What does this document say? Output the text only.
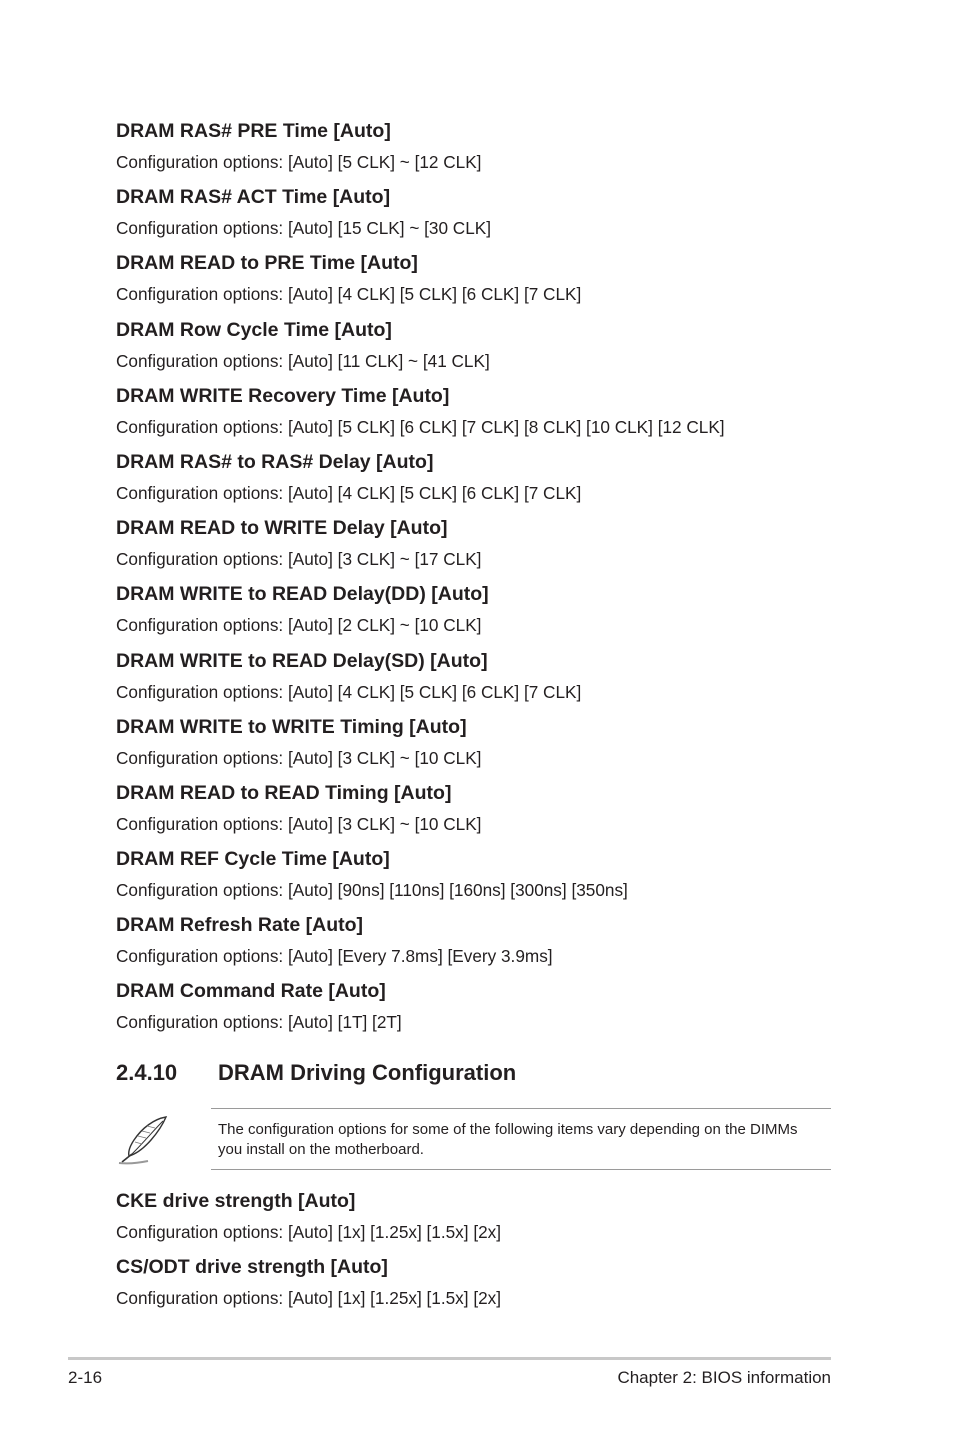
DRAM RAS# PRE Time [Auto]
Configuration options: [Auto] [5 CLK] ~ [12 CLK]
DRAM RAS# ACT Time [Auto]
Configuration options: [Auto] [15 CLK] ~ [30 CLK]
DRAM READ to PRE Time [Auto]
Configuration options: [Auto] [4 CLK] [5 CLK] [6 CLK] [7 CLK]
DRAM Row Cycle Time [Auto]
Configuration options: [Auto] [11 CLK] ~ [41 CLK]
DRAM WRITE Recovery Time [Auto]
Configuration options: [Auto] [5 CLK] [6 CLK] [7 CLK] [8 CLK] [10 CLK] [12 CLK]
DRAM RAS# to RAS# Delay [Auto]
Configuration options: [Auto] [4 CLK] [5 CLK] [6 CLK] [7 CLK]
DRAM READ to WRITE Delay [Auto]
Configuration options: [Auto] [3 CLK] ~ [17 CLK]
DRAM WRITE to READ Delay(DD) [Auto]
Configuration options: [Auto] [2 CLK] ~ [10 CLK]
DRAM WRITE to READ Delay(SD) [Auto]
Configuration options: [Auto] [4 CLK] [5 CLK] [6 CLK] [7 CLK]
DRAM WRITE to WRITE Timing [Auto]
Configuration options: [Auto] [3 CLK] ~ [10 CLK]
DRAM READ to READ Timing [Auto]
Configuration options: [Auto] [3 CLK] ~ [10 CLK]
DRAM REF Cycle Time [Auto]
Configuration options: [Auto] [90ns] [110ns] [160ns] [300ns] [350ns]
DRAM Refresh Rate [Auto]
Configuration options: [Auto] [Every 7.8ms] [Every 3.9ms]
DRAM Command Rate [Auto]
Configuration options: [Auto] [1T] [2T]
2.4.10 DRAM Driving Configuration
The configuration options for some of the following items vary depending on the DIMMs you install on the motherboard.
CKE drive strength [Auto]
Configuration options: [Auto] [1x] [1.25x] [1.5x] [2x]
CS/ODT drive strength [Auto]
Configuration options: [Auto] [1x] [1.25x] [1.5x] [2x]
2-16	Chapter 2: BIOS information
